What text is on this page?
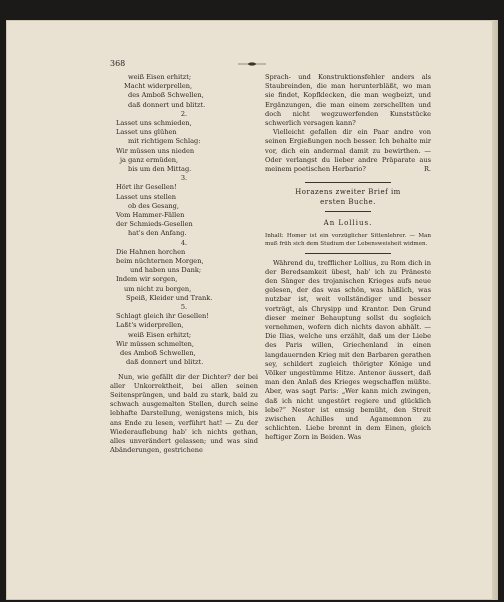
368
weiß Eisen erhitzt;
Macht widerprellen,
des Amboß Schwellen,
daß donnert und blitzt.
2.
Lasset uns schmieden,
Lasset uns glühen
mit richtigem Schlag:
Wir müssen uns nieden
ja ganz ermüden,
bis um den Mittag.
3.
Hört ihr Gesellen!
Lasset uns stellen
ob des Gesang,
Vom Hammer-Fällen
der Schmieds-Gesellen
hat's den Anfang.
4.
Die Hahnen horchen
beim nüchternen Morgen,
und haben uns Dank;
Indem wir sorgen,
um nicht zu borgen,
Speiß, Kleider und Trank.
5.
Schlagt gleich ihr Gesellen!
Laßt's widerprellen,
weiß Eisen erhitzt;
Wir müssen schmelten,
des Amboß Schwellen,
daß donnert und blitzt.

Nun, wie gefällt dir der Dichter? der bei aller Unkorrektheit, bei allen seinen Seitensprüngen, und bald zu stark, bald zu schwach ausgemalten Stellen, durch seine lebhafte Darstellung, wenigstens mich, bis ans Ende zu lesen, verführt hat! — Zu der Wiederauflebung hab' ich nichts gethan, alles unverändert gelassen; und was sind Abänderungen, gestrichene

Sprach- und Konstruktionsfehler anders als Staubreinden, die man herunterbläßt, wo man sie findet, Kopfklecken, die man wegbeizt, und Ergänzungen, die man einem zerschellten und doch nicht wegzuwerfenden Kunststücke schwerlich versagen kann?

Vielleicht gefallen dir ein Paar andre von seinen Ergießungen noch besser. Ich behalte mir vor, dich ein andermal damit zu bewirthen. — Oder verlangst du lieber andre Präparate aus meinem poetischen Herbario?	R.
Horazens zweiter Brief im
ersten Buche.
An Lollius.

Inhalt: Homer ist ein vorzüglicher Sittenlehrer. — Man muß früh sich dem Studium der Lebensweisheit widmen.

Während du, trefflicher Lollius, zu Rom dich in der Beredsamkeit übest, hab' ich zu Präneste den Sänger des trojanischen Krieges aufs neue gelesen, der das was schön, was häßlich, was nutzbar ist, weit vollständiger und besser vorträgt, als Chrysipp und Krantor. Den Grund dieser meiner Behauptung sollst du sogleich vernehmen, wofern dich nichts davon abhält. — Die Ilias, welche uns erzählt, daß um der Liebe des Paris willen, Griechenland in einen langdauernden Krieg mit den Barbaren gerathen sey, schildert zugleich thörigter Könige und Völker ungestümme Hitze. Antenor äussert, daß man den Anlaß des Krieges wegschaffen müßte. Aber, was sagt Paris: „Wer kann mich zwingen, daß ich nicht ungestört regiere und glücklich lebe?“ Nestor ist emsig bemüht, den Streit zwischen Achilles und Agamemnon zu schlichten. Liebe brennt in dem Einen, gleich heftiger Zorn in Beiden. Was
